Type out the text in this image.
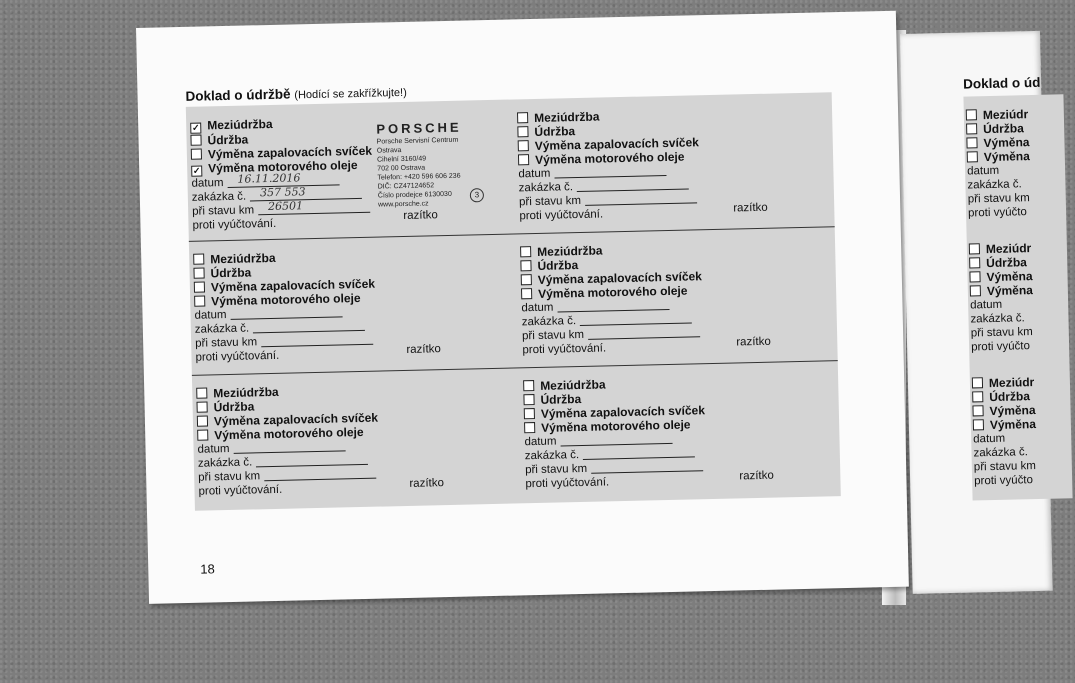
Doklad o údržbě (Hodící se zakřížkujte!)
✓ Meziúdržba
Údržba
Výměna zapalovacích svíček
✓ Výměna motorového oleje
datum 16.11.2016
zakázka č. 357 553
při stavu km 26501
proti vyúčtování.
razítko
PORSCHE
Porsche Servisní Centrum Ostrava
Cihelní 3160/49
702 00 Ostrava
Telefon: +420 596 606 236
DIČ: CZ47124652
Číslo prodejce 6130030
www.porsche.cz
3
Meziúdržba
Údržba
Výměna zapalovacích svíček
Výměna motorového oleje
datum
zakázka č.
při stavu km
proti vyúčtování.
razítko
Meziúdržba
Údržba
Výměna zapalovacích svíček
Výměna motorového oleje
datum
zakázka č.
při stavu km
proti vyúčtování.
razítko
Meziúdržba
Údržba
Výměna zapalovacích svíček
Výměna motorového oleje
datum
zakázka č.
při stavu km
proti vyúčtování.
razítko
Meziúdržba
Údržba
Výměna zapalovacích svíček
Výměna motorového oleje
datum
zakázka č.
při stavu km
proti vyúčtování.
razítko
Meziúdržba
Údržba
Výměna zapalovacích svíček
Výměna motorového oleje
datum
zakázka č.
při stavu km
proti vyúčtování.
razítko
18
Doklad o úd
Meziúdr
Údržba
Výměna
Výměna
datum
zakázka č.
při stavu km
proti vyúčto
Meziúdr
Údržba
Výměna
Výměna
datum
zakázka č.
při stavu km
proti vyúčto
Meziúdr
Údržba
Výměna
Výměna
datum
zakázka č.
při stavu km
proti vyúčto
